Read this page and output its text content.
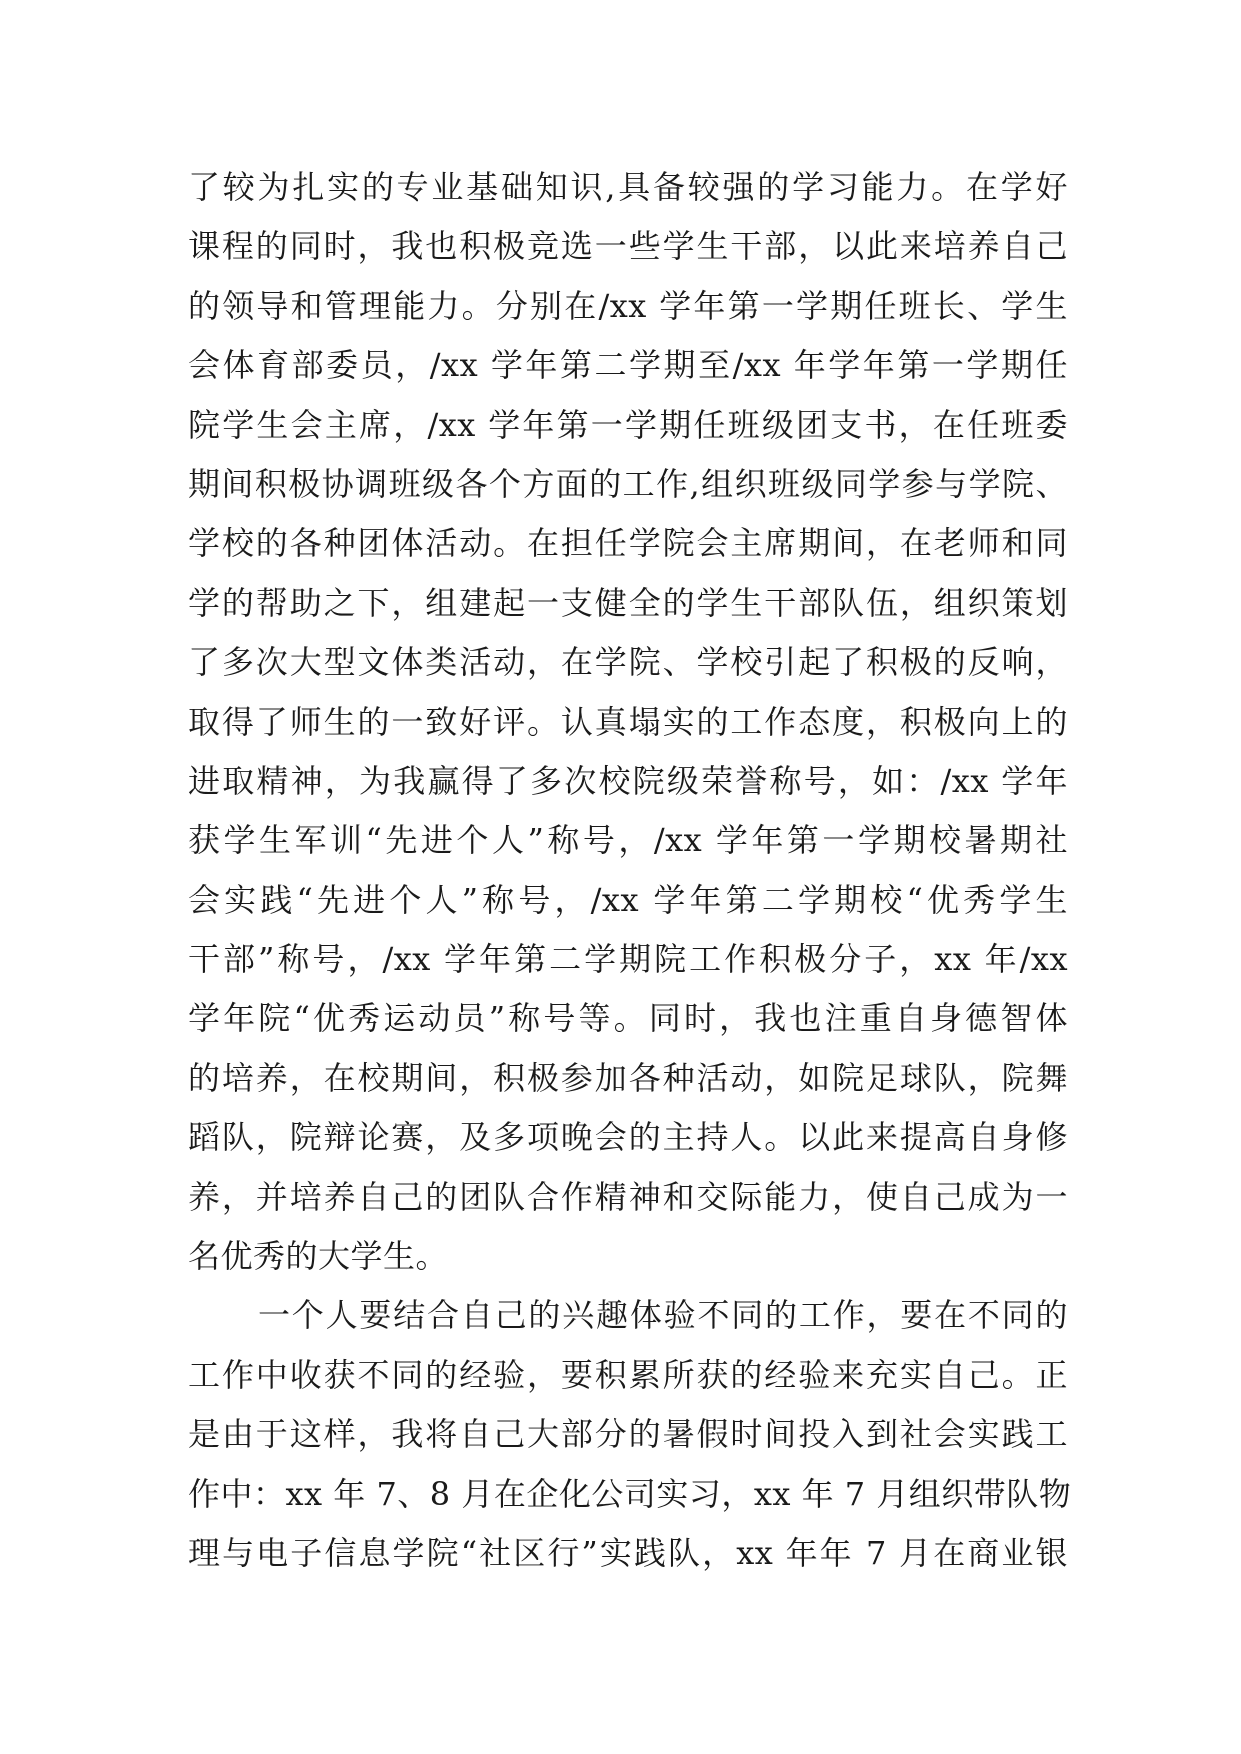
了较为扎实的专业基础知识,具备较强的学习能力。在学好
课程的同时，我也积极竞选一些学生干部，以此来培养自己
的领导和管理能力。分别在/xx 学年第一学期任班长、学生
会体育部委员，/xx 学年第二学期至/xx 年学年第一学期任
院学生会主席，/xx 学年第一学期任班级团支书，在任班委
期间积极协调班级各个方面的工作,组织班级同学参与学院、
学校的各种团体活动。在担任学院会主席期间，在老师和同
学的帮助之下，组建起一支健全的学生干部队伍，组织策划
了多次大型文体类活动，在学院、学校引起了积极的反响，
取得了师生的一致好评。认真塌实的工作态度，积极向上的
进取精神，为我赢得了多次校院级荣誉称号，如：/xx 学年
获学生军训“先进个人”称号，/xx 学年第一学期校暑期社
会实践“先进个人”称号，/xx 学年第二学期校“优秀学生
干部”称号，/xx 学年第二学期院工作积极分子，xx 年/xx
学年院“优秀运动员”称号等。同时，我也注重自身德智体
的培养，在校期间，积极参加各种活动，如院足球队，院舞
蹈队，院辩论赛，及多项晚会的主持人。以此来提高自身修
养，并培养自己的团队合作精神和交际能力，使自己成为一
名优秀的大学生。
一个人要结合自己的兴趣体验不同的工作，要在不同的
工作中收获不同的经验，要积累所获的经验来充实自己。正
是由于这样，我将自己大部分的暑假时间投入到社会实践工
作中：xx 年 7、8 月在企化公司实习，xx 年 7 月组织带队物
理与电子信息学院“社区行”实践队，xx 年年 7 月在商业银
